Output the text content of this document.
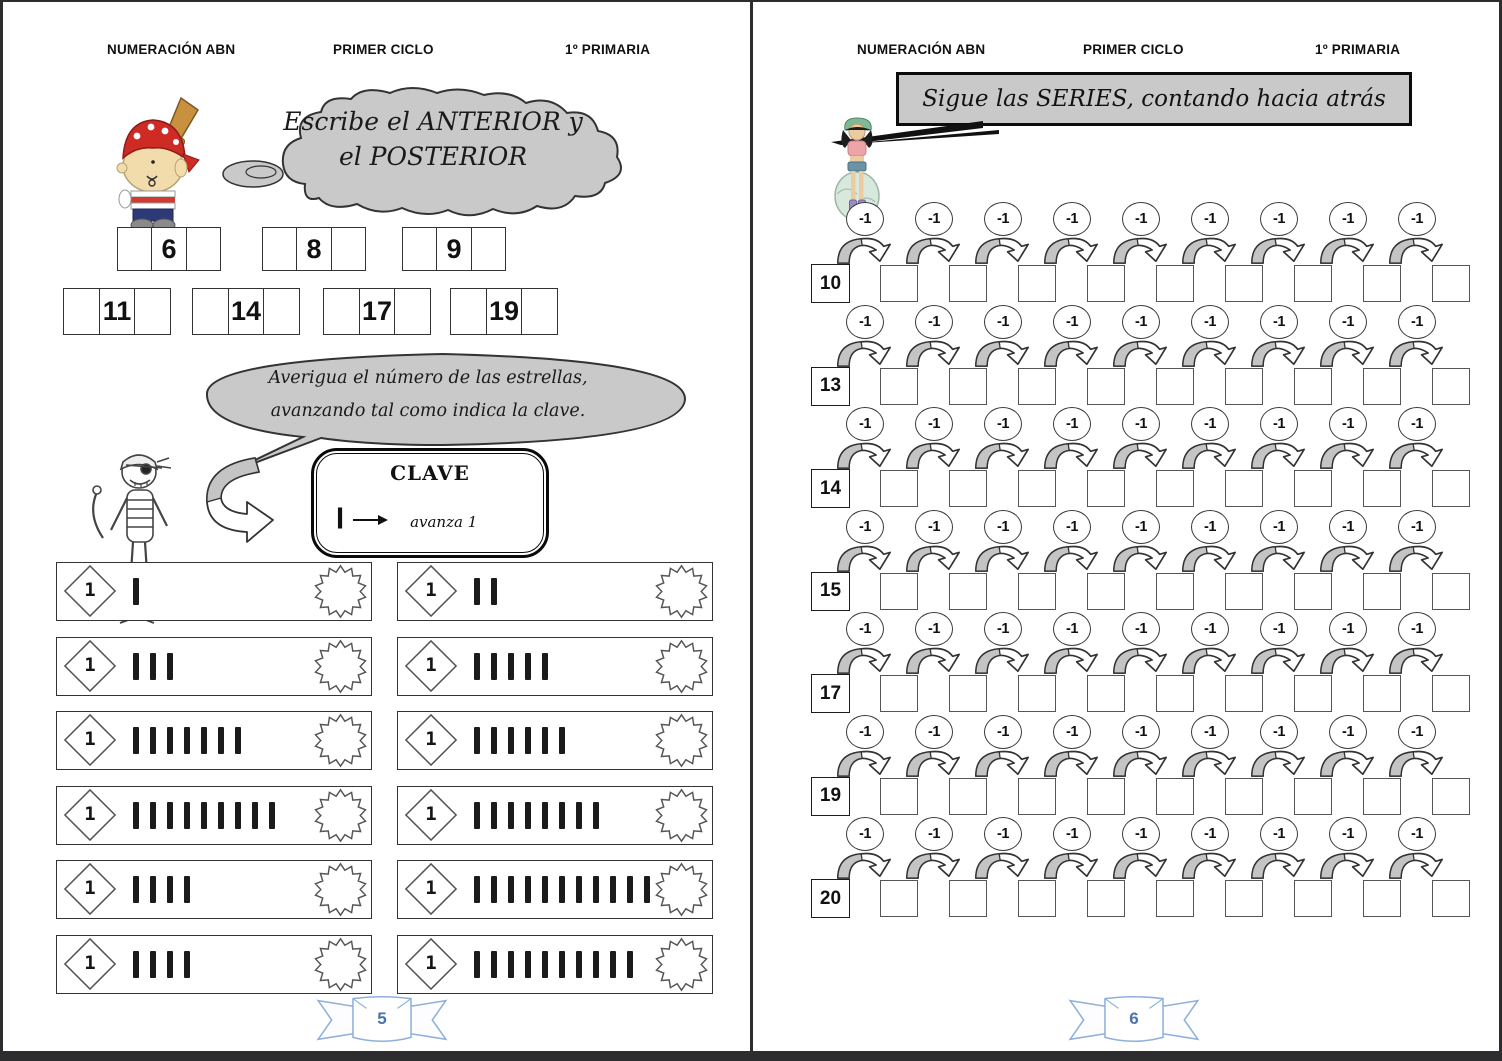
NUMERACIÓN ABN	PRIMER CICLO	1º PRIMARIA
Escribe el ANTERIOR y
el POSTERIOR
6	8	9
11	14	17	19
Averigua el número de las estrellas,
avanzando tal como indica la clave.
CLAVE
I	avanza 1
1
1
1
1
1
1
1
1
1
1
1
1
5
NUMERACIÓN ABN	PRIMER CICLO	1º PRIMARIA
Sigue las SERIES, contando hacia atrás
-1	-1	-1	-1	-1	-1	-1	-1	-1
10
-1	-1	-1	-1	-1	-1	-1	-1	-1
13
-1	-1	-1	-1	-1	-1	-1	-1	-1
14
-1	-1	-1	-1	-1	-1	-1	-1	-1
15
-1	-1	-1	-1	-1	-1	-1	-1	-1
17
-1	-1	-1	-1	-1	-1	-1	-1	-1
19
-1	-1	-1	-1	-1	-1	-1	-1	-1
20
6
